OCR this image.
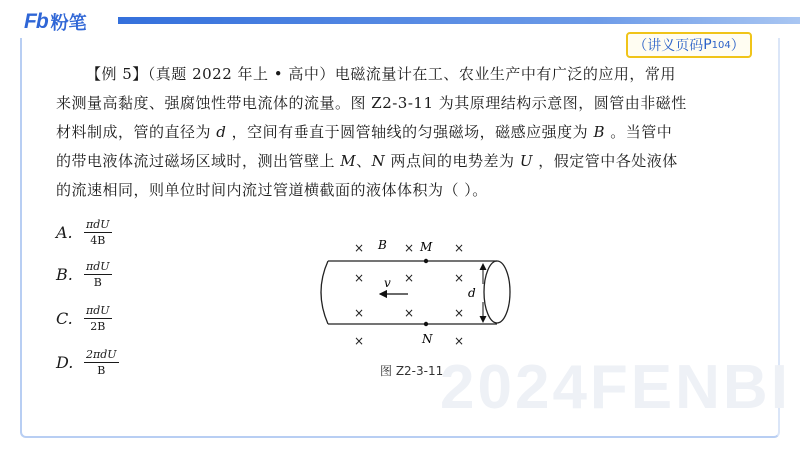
Fb 粉笔
（讲义页码 P 104 ）
2024FENBI

【例 5】（真题 2022 年上 • 高中）电磁流量计在工、农业生产中有广泛的应用，常用

来测量高黏度、强腐蚀性带电流体的流量。图 Z2-3-11 为其原理结构示意图，圆管由非磁性
材料制成，管的直径为 d ，空间有垂直于圆管轴线的匀强磁场，磁感应强度为 B 。当管中
的带电液体流过磁场区域时，测出管壁上 M、N 两点间的电势差为 U ，假定管中各处液体
的流速相同，则单位时间内流过管道横截面的液体体积为（ ）。
A.	$\frac{\text{πdU}}{4B}$
B.	$\frac{\text{πdU}}{B}$
C.	$\frac{\text{πdU}}{2B}$
D. $\frac{\text{2πdU}}{B}$
B	M
N
v
d
×	×	×
×	×	×
×	×	×
×	×
图 Z2-3-11
